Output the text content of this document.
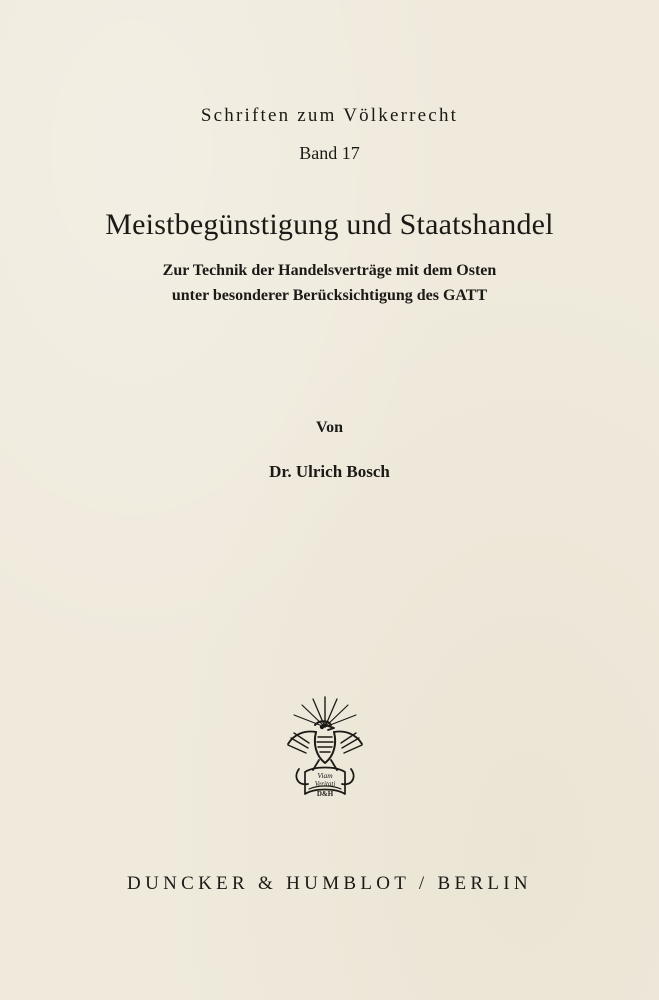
Schriften zum Völkerrecht
Band 17
Meistbegünstigung und Staatshandel
Zur Technik der Handelsverträge mit dem Osten
unter besonderer Berücksichtigung des GATT
Von
Dr. Ulrich Bosch
Viam
Veritati
D&H
DUNCKER & HUMBLOT / BERLIN
